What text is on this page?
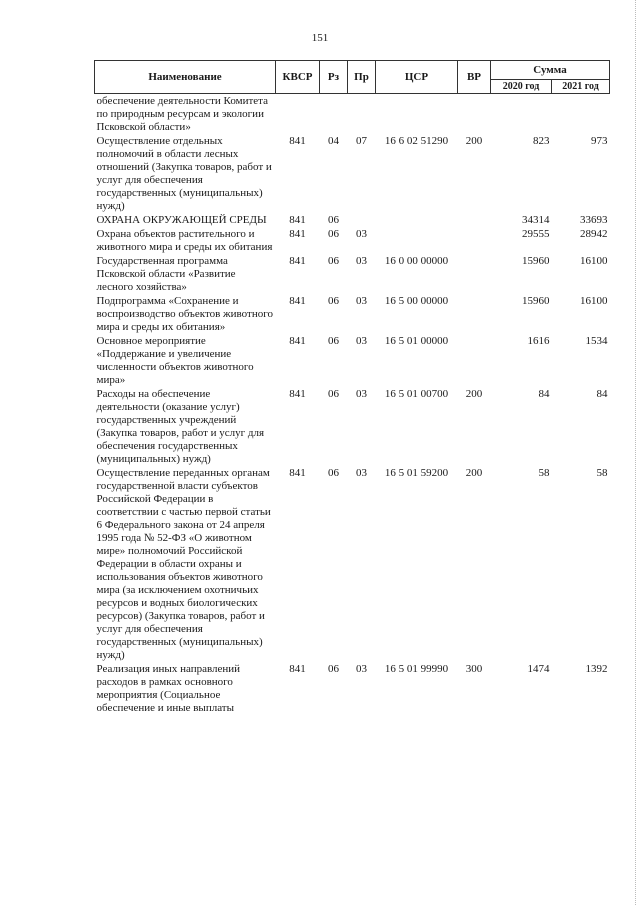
151
Наименование	КВСР	Рз	Пр	ЦСР	ВР	Сумма	
						2020 год	2021 год
обеспечение деятельности Комитета по природным ресурсам и экологии Псковской области»							
Осуществление отдельных полномочий в области лесных отношений (Закупка товаров, работ и услуг для обеспечения государственных (муниципальных) нужд)	841	04	07	16 6 02 51290	200	823	973
ОХРАНА ОКРУЖАЮЩЕЙ СРЕДЫ	841	06				34314	33693
Охрана объектов растительного и животного мира и среды их обитания	841	06	03			29555	28942
Государственная программа Псковской области «Развитие лесного хозяйства»	841	06	03	16 0 00 00000		15960	16100
Подпрограмма «Сохранение и воспроизводство объектов животного мира и среды их обитания»	841	06	03	16 5 00 00000		15960	16100
Основное мероприятие «Поддержание и увеличение численности объектов животного мира»	841	06	03	16 5 01 00000		1616	1534
Расходы на обеспечение деятельности (оказание услуг) государственных учреждений (Закупка товаров, работ и услуг для обеспечения государственных (муниципальных) нужд)	841	06	03	16 5 01 00700	200	84	84
Осуществление переданных органам государственной власти субъектов Российской Федерации в соответствии с частью первой статьи 6 Федерального закона от 24 апреля 1995 года № 52-ФЗ «О животном мире» полномочий Российской Федерации в области охраны и использования объектов животного мира (за исключением охотничьих ресурсов и водных биологических ресурсов) (Закупка товаров, работ и услуг для обеспечения государственных (муниципальных) нужд)	841	06	03	16 5 01 59200	200	58	58
Реализация иных направлений расходов в рамках основного мероприятия (Социальное обеспечение и иные выплаты	841	06	03	16 5 01 99990	300	1474	1392
